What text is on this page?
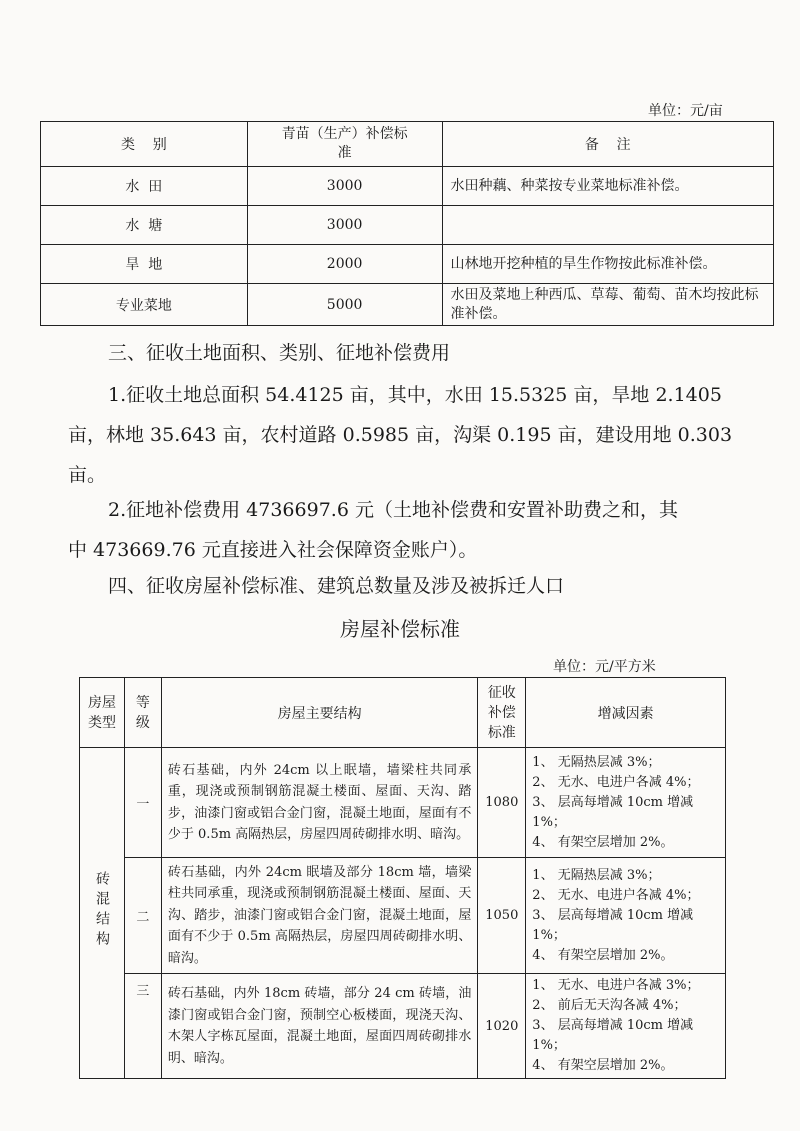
单位：元/亩
类    别	青苗（生产）补偿标准	备    注
水  田	3000	水田种藕、种菜按专业菜地标准补偿。
水  塘	3000	
旱  地	2000	山林地开挖种植的旱生作物按此标准补偿。
专业菜地	5000	水田及菜地上种西瓜、草莓、葡萄、苗木均按此标准补偿。
三、征收土地面积、类别、征地补偿费用
1.征收土地总面积 54.4125 亩，其中，水田 15.5325 亩，旱地 2.1405
亩，林地 35.643 亩，农村道路 0.5985 亩，沟渠 0.195 亩，建设用地 0.303
亩。
2.征地补偿费用 4736697.6 元（土地补偿费和安置补助费之和，其
中 473669.76 元直接进入社会保障资金账户）。
四、征收房屋补偿标准、建筑总数量及涉及被拆迁人口
房屋补偿标准
单位：元/平方米
房屋类型	等级	房屋主要结构	征收补偿标准	增减因素
砖混结构	一	砖石基础，内外 24cm 以上眠墙，墙梁柱共同承重，现浇或预制钢筋混凝土楼面、屋面、天沟、踏步，油漆门窗或铝合金门窗，混凝土地面，屋面有不少于 0.5m 高隔热层，房屋四周砖砌排水明、暗沟。	1080	1、 无隔热层减 3%；
2、 无水、电进户各减 4%；
3、 层高每增减 10cm 增减 1%；
4、 有架空层增加 2%。

	二	砖石基础，内外 24cm 眠墙及部分 18cm 墙，墙梁柱共同承重，现浇或预制钢筋混凝土楼面、屋面、天沟、踏步，油漆门窗或铝合金门窗，混凝土地面，屋面有不少于 0.5m 高隔热层，房屋四周砖砌排水明、暗沟。	1050	1、 无隔热层减 3%；
2、 无水、电进户各减 4%；
3、 层高每增减 10cm 增减 1%；
4、 有架空层增加 2%。

	三	砖石基础，内外 18cm 砖墙，部分 24 cm 砖墙，油漆门窗或铝合金门窗，预制空心板楼面，现浇天沟、木架人字栋瓦屋面，混凝土地面，屋面四周砖砌排水明、暗沟。	1020	1、 无水、电进户各减 3%；
2、 前后无天沟各减 4%；
3、 层高每增减 10cm 增减 1%；
4、 有架空层增加 2%。
